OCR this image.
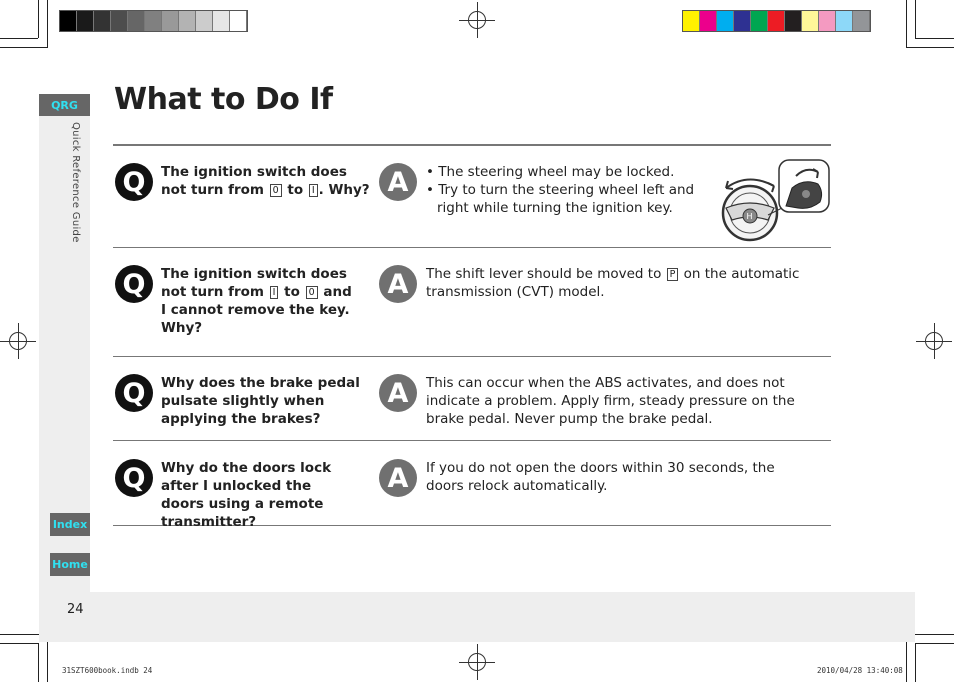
QRG
Quick Reference Guide
Index
Home
What to Do If
Q	The ignition switch does not turn from 0 to I . Why? A	• The steering wheel may be locked.
• Try to turn the steering wheel left and right while turning the ignition key.
H
Q	The ignition switch does not turn from I to 0 and I cannot remove the key. Why?
A	The shift lever should be moved to P on the automatic transmission (CVT) model.
Q	Why does the brake pedal pulsate slightly when applying the brakes?
A	This can occur when the ABS activates, and does not indicate a problem. Apply firm, steady pressure on the brake pedal. Never pump the brake pedal.
Q	Why do the doors lock after I unlocked the doors using a remote transmitter?
A	If you do not open the doors within 30 seconds, the doors relock automatically.
24
31SZT600book.indb 24	2010/04/28 13:40:08
